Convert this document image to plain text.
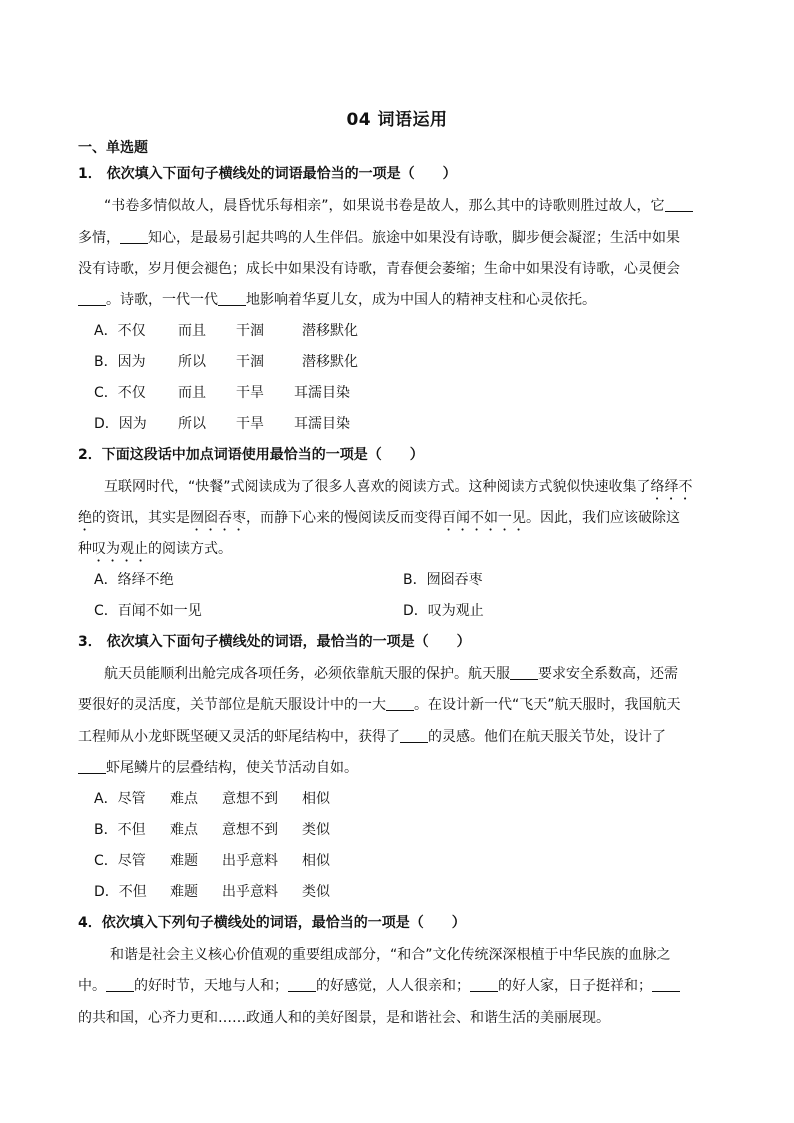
04 词语运用
一、单选题
1． 依次填入下面句子横线处的词语最恰当的一项是（　　）
“书卷多情似故人，晨昏忧乐每相亲”，如果说书卷是故人，那么其中的诗歌则胜过故人，它
多情， 知心，是最易引起共鸣的人生伴侣。旅途中如果没有诗歌，脚步便会凝涩；生活中如果
没有诗歌，岁月便会褪色；成长中如果没有诗歌，青春便会萎缩；生命中如果没有诗歌，心灵便会
。诗歌，一代一代 地影响着华夏儿女，成为中国人的精神支柱和心灵依托。
A．不仅 而且 干涸	潜移默化
B．因为 所以 干涸	潜移默化
C．不仅 而且 干旱 耳濡目染
D．因为 所以 干旱 耳濡目染
2．下面这段话中加点词语使用最恰当的一项是（　　）
互联网时代，“快餐”式阅读成为了很多人喜欢的阅读方式。这种阅读方式貌似快速收集了络绎不
绝的资讯，其实是囫囵吞枣，而静下心来的慢阅读反而变得百闻不如一见。因此，我们应该破除这
种叹为观止的阅读方式。
A．络绎不绝	B．囫囵吞枣
C．百闻不如一见	D．叹为观止
3． 依次填入下面句子横线处的词语，最恰当的一项是（　　）
航天员能顺利出舱完成各项任务，必须依靠航天服的保护。航天服 要求安全系数高，还需
要很好的灵活度，关节部位是航天服设计中的一大 。在设计新一代“飞天”航天服时，我国航天
工程师从小龙虾既坚硬又灵活的虾尾结构中，获得了 的灵感。他们在航天服关节处，设计了
虾尾鳞片的层叠结构，使关节活动自如。
A．尽管 难点 意想不到 相似
B．不但 难点 意想不到 类似
C．尽管 难题 出乎意料 相似
D．不但 难题 出乎意料 类似
4．依次填入下列句子横线处的词语，最恰当的一项是（　　）
和谐是社会主义核心价值观的重要组成部分，“和合”文化传统深深根植于中华民族的血脉之
中。 的好时节，天地与人和； 的好感觉，人人很亲和； 的好人家，日子挺祥和；
的共和国，心齐力更和……政通人和的美好图景，是和谐社会、和谐生活的美丽展现。
